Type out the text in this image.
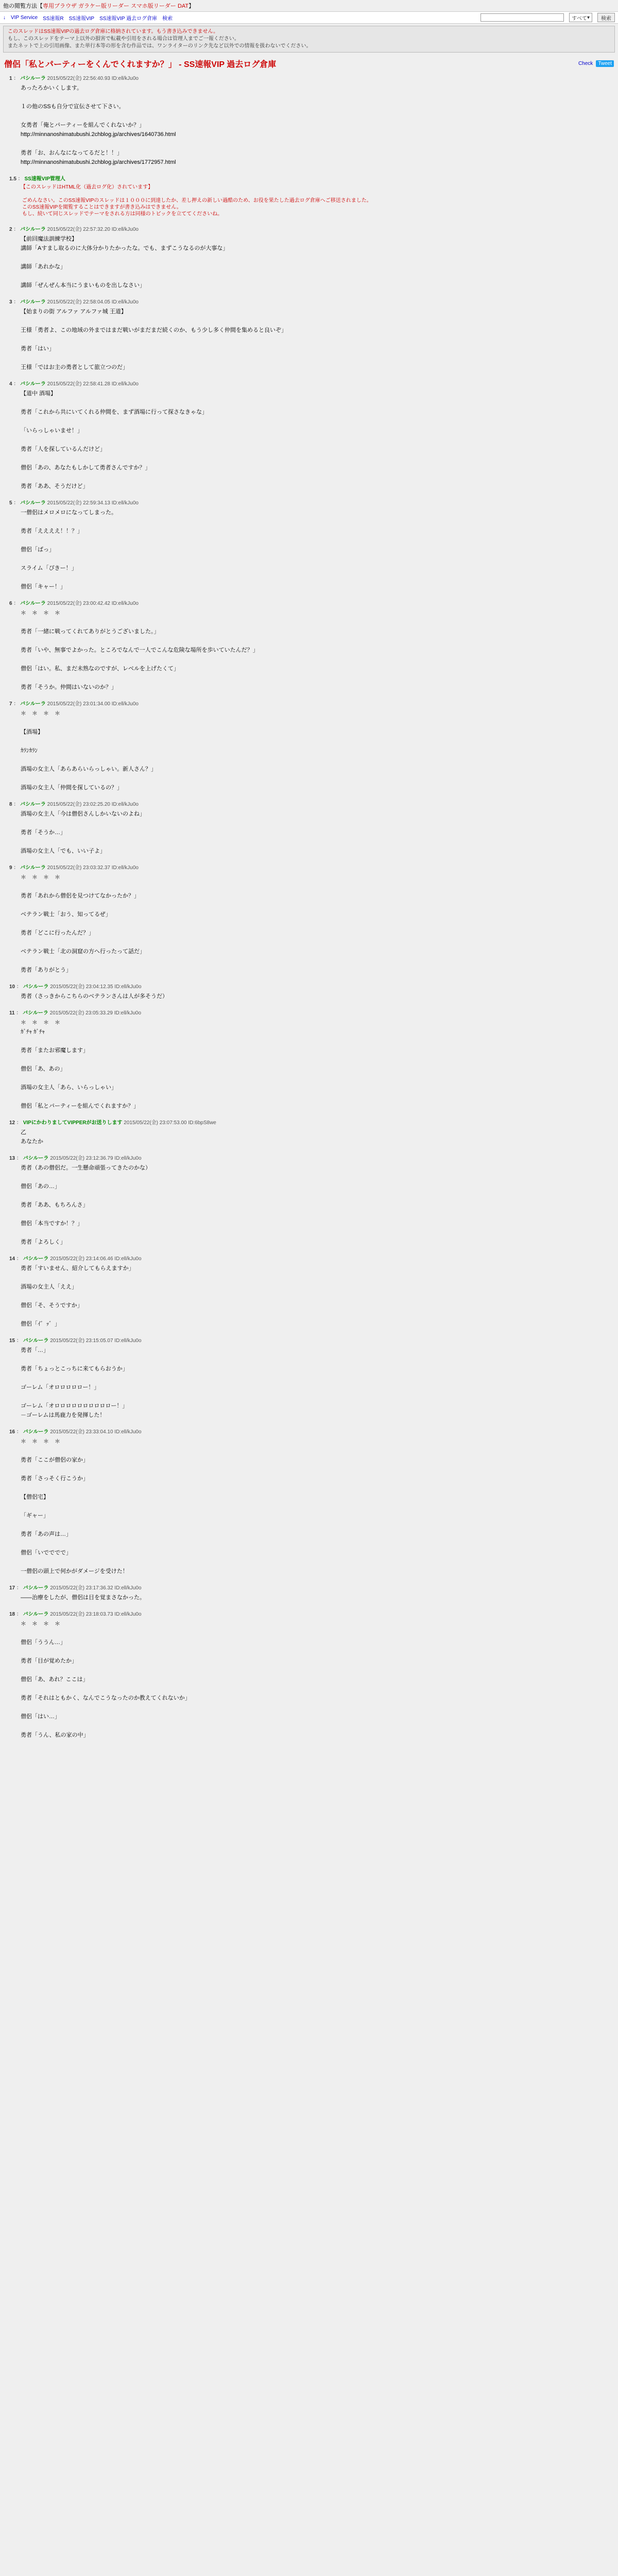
他の閲覧方法【専用ブラウザ ガラケー版リーダー スマホ版リーダー DAT】
↓ VIP Service SS速報R SS速報VIP SS速報VIP 過去ログ倉庫 検索	すべて ▾	検索
このスレッドはSS速報VIPの過去ログ倉庫に格納されています。もう書き込みできません。
もし、このスレッドをテーマ上以外の損害で転載や引用をされる場合は管理人までご一報ください。
またネットで上の引用画像、また単行本等の形を含む作品では、ワンライターのリンク先など以外での情報を扱わないでください。
僧侶「私とパーティーをくんでくれますか？」 - SS速報VIP 過去ログ倉庫	Check	Tweet
1 ： バシルーラ 2015/05/22(金) 22:56:40.93 ID:ell/kJu0o
あったろかいくします。

１の他のSSも自分で宣伝させて下さい。

女勇者「俺とパーティーを組んでくれないか？」
http://minnanoshimatubushi.2chblog.jp/archives/1640736.html

勇者「お、おんなになってるだと！！」
http://minnanoshimatubushi.2chblog.jp/archives/1772957.html
1.5 ： SS速報VIP管理人
【このスレッドはHTML化（過去ログ化）されています】

ごめんなさい。このSS速報VIPのスレッドは１０００に到達したか、差し押えの新しい過酷のため、お役を果たした過去ログ倉庫へご移送されました。
このSS速報VIPを閲覧することはできますが書き込みはできません。
もし、続いて同じスレッドでテーマをされる方は同様のトピックを立ててくださいね。
2 ： バシルーラ 2015/05/22(金) 22:57:32.20 ID:ell/kJu0o
【前回魔法訓練学校】
講師「Aすまし取るのに大体分かりたかったな。でも、まずこうなるのが大事な」

講師「あれかな」

講師「ぜんぜん本当にうまいものを出しなさい」
3 ： バシルーラ 2015/05/22(金) 22:58:04.05 ID:ell/kJu0o
【始まりの街 アルファ アルファ城 王道】

王様「勇者よ、この地域の外まではまだ戦いがまだまだ続くのか、もう少し多く仲間を集めると良いぞ」

勇者「はい」

王様「ではお主の勇者として旅立つのだ」
4 ： バシルーラ 2015/05/22(金) 22:58:41.28 ID:ell/kJu0o
【道中 酒場】

勇者「これから共にいてくれる仲間を、まず酒場に行って探さなきゃな」

「いらっしゃいませ！」

勇者「人を探しているんだけど」

僧侶「あの、あなたもしかして勇者さんですか？」

勇者「ああ、そうだけど」
5 ： バシルーラ 2015/05/22(金) 22:59:34.13 ID:ell/kJu0o
一僧侶はメロメロになってしまった。

勇者「ええええ！！？」

僧侶「ばっ」

スライム「ぴきー！」

僧侶「キャー！」
6 ： バシルーラ 2015/05/22(金) 23:00:42.42 ID:ell/kJu0o
＊　＊　＊　＊

勇者「一緒に戦ってくれてありがとうございました。」

勇者「いや、無事でよかった。ところでなんで一人でこんな危険な場所を歩いていたんだ？」

僧侶「はい。私、まだ未熟なのですが、レベルを上げたくて」

勇者「そうか。仲間はいないのか？」
7 ： バシルーラ 2015/05/22(金) 23:01:34.00 ID:ell/kJu0o
＊　＊　＊　＊

【酒場】

ｶﾗﾝｶﾗﾝ

酒場の女主人「あらあらいらっしゃい。新人さん？」

酒場の女主人「仲間を探しているの？」
8 ： バシルーラ 2015/05/22(金) 23:02:25.20 ID:ell/kJu0o
酒場の女主人「今は僧侶さんしかいないのよね」

勇者「そうか…」

酒場の女主人「でも、いい子よ」
9 ： バシルーラ 2015/05/22(金) 23:03:32.37 ID:ell/kJu0o
＊　＊　＊　＊

勇者「あれから僧侶を見つけてなかったか？」

ベテラン戦士「おう、知ってるぜ」

勇者「どこに行ったんだ？」

ベテラン戦士「北の洞窟の方へ行ったって話だ」

勇者「ありがとう」
10 ： バシルーラ 2015/05/22(金) 23:04:12.35 ID:ell/kJu0o
勇者（さっきからこちらのベテランさんは人が多そうだ）
11 ： バシルーラ 2015/05/22(金) 23:05:33.29 ID:ell/kJu0o
＊　＊　＊　＊
ｶﾞﾁｬ ｶﾞﾁｬ

勇者「またお邪魔します」

僧侶「あ、あの」

酒場の女主人「あら、いらっしゃい」

僧侶「私とパーティーを組んでくれますか？」
12 ： VIPにかわりましてVIPPERがお送りします 2015/05/22(金) 23:07:53.00 ID:6bpS8we
乙
あなたか
13 ： バシルーラ 2015/05/22(金) 23:12:36.79 ID:ell/kJu0o
勇者（あの僧侶だ。一生懸命頑張ってきたのかな）

僧侶「あの…」

勇者「ああ、もちろんさ」

僧侶「本当ですか！？」

勇者「よろしく」
14 ： バシルーラ 2015/05/22(金) 23:14:06.46 ID:ell/kJu0o
勇者「すいません、紹介してもらえますか」

酒場の女主人「ええ」

僧侶「そ、そうですか」

僧侶「ｲ゛ｯ゛」
15 ： バシルーラ 2015/05/22(金) 23:15:05.07 ID:ell/kJu0o
勇者「…」

勇者「ちょっとこっちに来てもらおうか」

ゴーレム「オロロロロロー！」

ゴーレム「オロロロロロロロロロロー！」
－ゴーレムは馬鹿力を発揮した！
16 ： バシルーラ 2015/05/22(金) 23:33:04.10 ID:ell/kJu0o
＊　＊　＊　＊

勇者「ここが僧侶の家か」

勇者「さっそく行こうか」

【僧侶宅】

「ギャー」

勇者「あの声は…」

僧侶「いでででで」

一僧侶の頭上で何かがダメージを受けた！
17 ： バシルーラ 2015/05/22(金) 23:17:36.32 ID:ell/kJu0o
――治療をしたが、僧侶は目を覚まさなかった。
18 ： バシルーラ 2015/05/22(金) 23:18:03.73 ID:ell/kJu0o
＊　＊　＊　＊

僧侶「ううん…」

勇者「目が覚めたか」

僧侶「あ、あれ？ここは」

勇者「それはともかく、なんでこうなったのか教えてくれないか」

僧侶「はい…」

勇者「うん、私の家の中」
